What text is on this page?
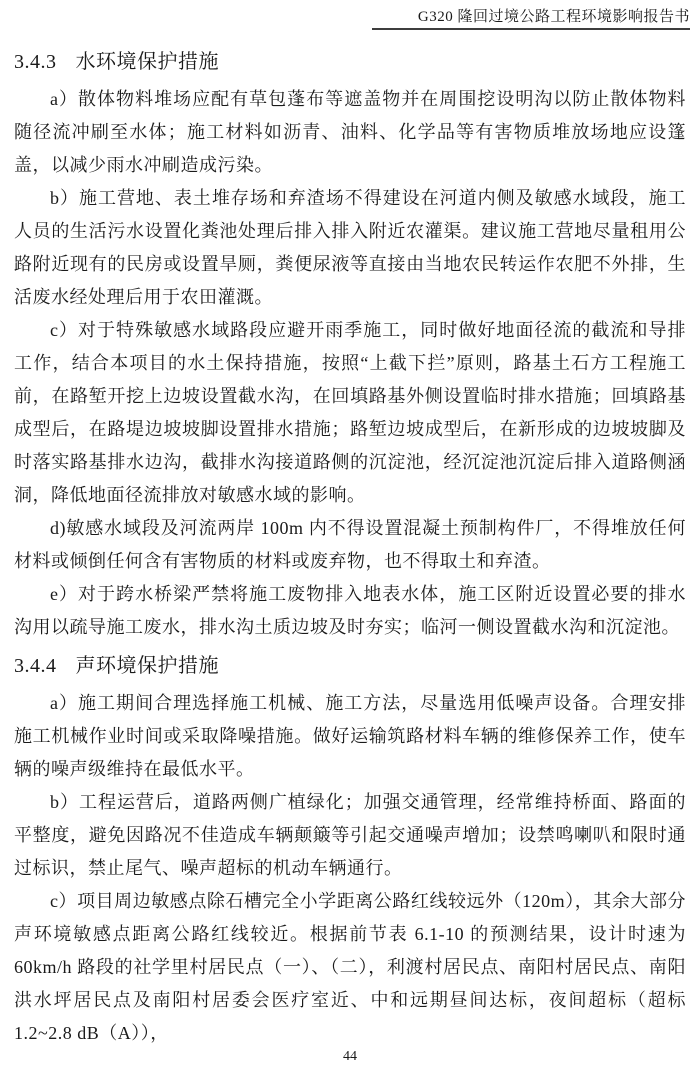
G320 隆回过境公路工程环境影响报告书
3.4.3 水环境保护措施

a）散体物料堆场应配有草包蓬布等遮盖物并在周围挖设明沟以防止散体物料随径流冲刷至水体；施工材料如沥青、油料、化学品等有害物质堆放场地应设篷盖，以减少雨水冲刷造成污染。

b）施工营地、表土堆存场和弃渣场不得建设在河道内侧及敏感水域段，施工人员的生活污水设置化粪池处理后排入排入附近农灌渠。建议施工营地尽量租用公路附近现有的民房或设置旱厕，粪便尿液等直接由当地农民转运作农肥不外排，生活废水经处理后用于农田灌溉。

c）对于特殊敏感水域路段应避开雨季施工，同时做好地面径流的截流和导排工作，结合本项目的水土保持措施，按照“上截下拦”原则，路基土石方工程施工前，在路堑开挖上边坡设置截水沟，在回填路基外侧设置临时排水措施；回填路基成型后，在路堤边坡坡脚设置排水措施；路堑边坡成型后，在新形成的边坡坡脚及时落实路基排水边沟，截排水沟接道路侧的沉淀池，经沉淀池沉淀后排入道路侧涵洞，降低地面径流排放对敏感水域的影响。

d)敏感水域段及河流两岸 100m 内不得设置混凝土预制构件厂，不得堆放任何材料或倾倒任何含有害物质的材料或废弃物，也不得取土和弃渣。

e）对于跨水桥梁严禁将施工废物排入地表水体，施工区附近设置必要的排水沟用以疏导施工废水，排水沟土质边坡及时夯实；临河一侧设置截水沟和沉淀池。

3.4.4 声环境保护措施

a）施工期间合理选择施工机械、施工方法，尽量选用低噪声设备。合理安排施工机械作业时间或采取降噪措施。做好运输筑路材料车辆的维修保养工作，使车辆的噪声级维持在最低水平。

b）工程运营后，道路两侧广植绿化；加强交通管理，经常维持桥面、路面的平整度，避免因路况不佳造成车辆颠簸等引起交通噪声增加；设禁鸣喇叭和限时通过标识，禁止尾气、噪声超标的机动车辆通行。

c）项目周边敏感点除石槽完全小学距离公路红线较远外（120m），其余大部分声环境敏感点距离公路红线较近。根据前节表 6.1-10 的预测结果，设计时速为 60km/h 路段的社学里村居民点（一）、（二），利渡村居民点、南阳村居民点、南阳洪水坪居民点及南阳村居委会医疗室近、中和远期昼间达标，夜间超标（超标 1.2~2.8 dB（A）），

44
